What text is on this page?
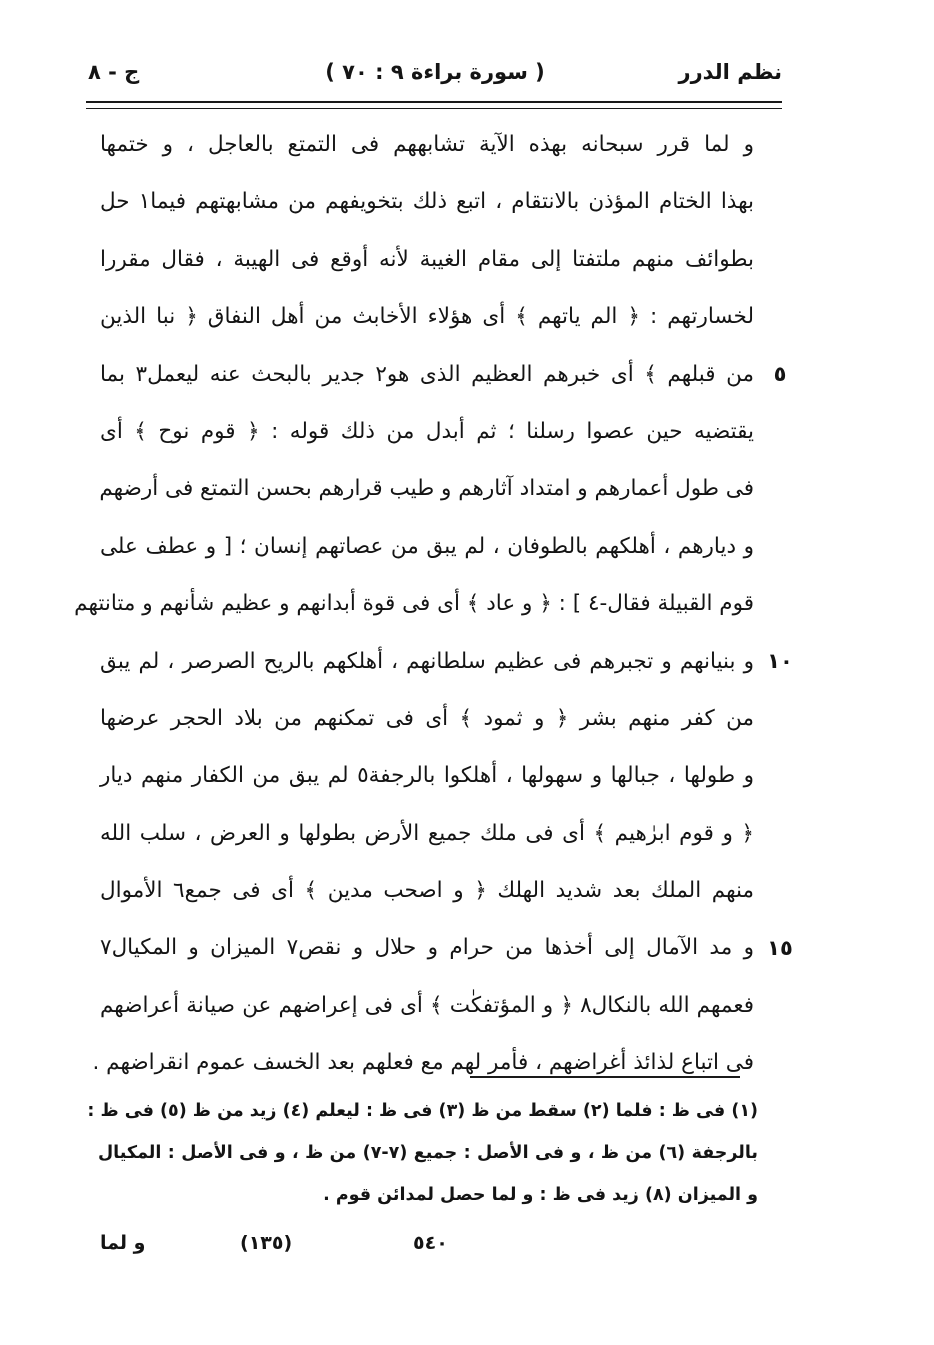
نظم الدرر
( سورة براءة ٩ : ٧٠ )
ج - ٨
و لما قرر سبحانه بهذه الآية تشابههم فى التمتع بالعاجل ، و ختمها
بهذا الختام المؤذن بالانتقام ، اتبع ذلك بتخويفهم من مشابهتهم فيما١ حل
بطوائف منهم ملتفتا إلى مقام الغيبة لأنه أوقع فى الهيبة ، فقال مقررا
لخسارتهم : ﴿ الم ياتهم ﴾ أى هؤلاء الأخابث من أهل النفاق ﴿ نبا الذين
من قبلهم ﴾ أى خبرهم العظيم الذى هو٢ جدير بالبحث عنه ليعمل٣ بما ٥
يقتضيه حين عصوا رسلنا ؛ ثم أبدل من ذلك قوله : ﴿ قوم نوح ﴾ أى
فى طول أعمارهم و امتداد آثارهم و طيب قرارهم بحسن التمتع فى أرضهم
و ديارهم ، أهلكهم بالطوفان ، لم يبق من عصاتهم إنسان ؛ [ و عطف على
قوم القبيلة فقال-٤ ] : ﴿ و عاد ﴾ أى فى قوة أبدانهم و عظيم شأنهم و متانتهم
و بنيانهم و تجبرهم فى عظيم سلطانهم ، أهلكهم بالريح الصرصر ، لم يبق ١٠
من كفر منهم بشر ﴿ و ثمود ﴾ أى فى تمكنهم من بلاد الحجر عرضها
و طولها ، جبالها و سهولها ، أهلكوا بالرجفة٥ لم يبق من الكفار منهم ديار
﴿ و قوم ابرٰهيم ﴾ أى فى ملك جميع الأرض بطولها و العرض ، سلب الله
منهم الملك بعد شديد الهلك ﴿ و اصحب مدين ﴾ أى فى جمع٦ الأموال
و مد الآمال إلى أخذها من حرام و حلال و نقص٧ الميزان و المكيال٧ ١٥
فعمهم الله بالنكال٨ ﴿ و المؤتفكٰت ﴾ أى فى إعراضهم عن صيانة أعراضهم
فى اتباع لذائذ أغراضهم ، فأمر لهم مع فعلهم بعد الخسف عموم انقراضهم .
(١) فى ظ : فلما (٢) سقط من ظ (٣) فى ظ : ليعلم (٤) زيد من ظ (٥) فى ظ :
بالرجفة (٦) من ظ ، و فى الأصل : جميع (٧-٧) من ظ ، و فى الأصل : المكيال
و الميزان (٨) زيد فى ظ : و لما حصل لمدائن قوم .
و لما	(١٣٥)	٥٤٠
